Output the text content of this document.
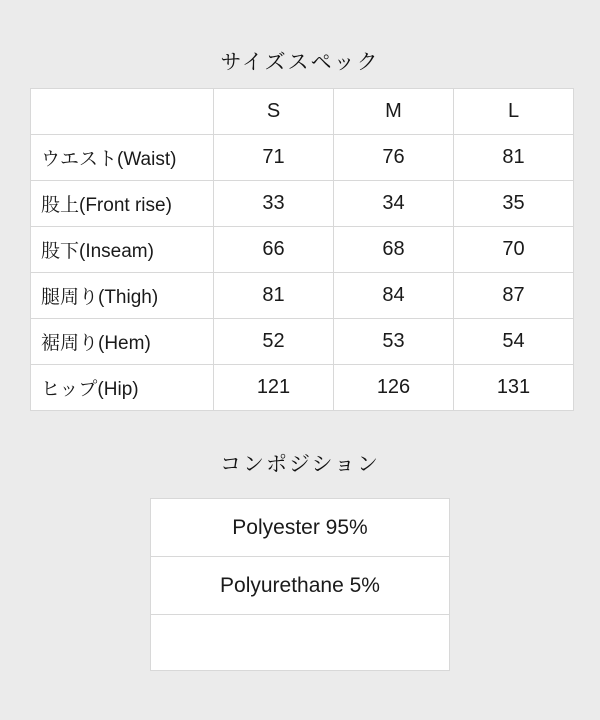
サイズスペック
	S	M	L
ウエスト(Waist)	71	76	81
股上(Front rise)	33	34	35
股下(Inseam)	66	68	70
腿周り(Thigh)	81	84	87
裾周り(Hem)	52	53	54
ヒップ(Hip)	121	126	131
コンポジション
Polyester 95%
Polyurethane 5%
